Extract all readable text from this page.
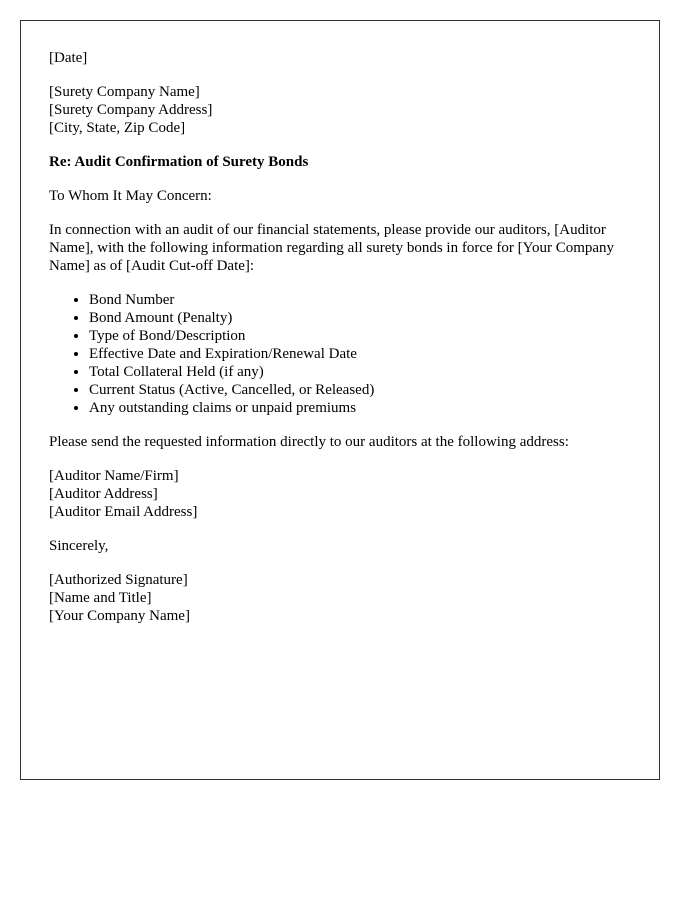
[Date]
[Surety Company Name]
[Surety Company Address]
[City, State, Zip Code]
Re: Audit Confirmation of Surety Bonds
To Whom It May Concern:
In connection with an audit of our financial statements, please provide our auditors, [Auditor Name], with the following information regarding all surety bonds in force for [Your Company Name] as of [Audit Cut-off Date]:
• Bond Number
• Bond Amount (Penalty)
• Type of Bond/Description
• Effective Date and Expiration/Renewal Date
• Total Collateral Held (if any)
• Current Status (Active, Cancelled, or Released)
• Any outstanding claims or unpaid premiums
Please send the requested information directly to our auditors at the following address:
[Auditor Name/Firm]
[Auditor Address]
[Auditor Email Address]
Sincerely,
[Authorized Signature]
[Name and Title]
[Your Company Name]
